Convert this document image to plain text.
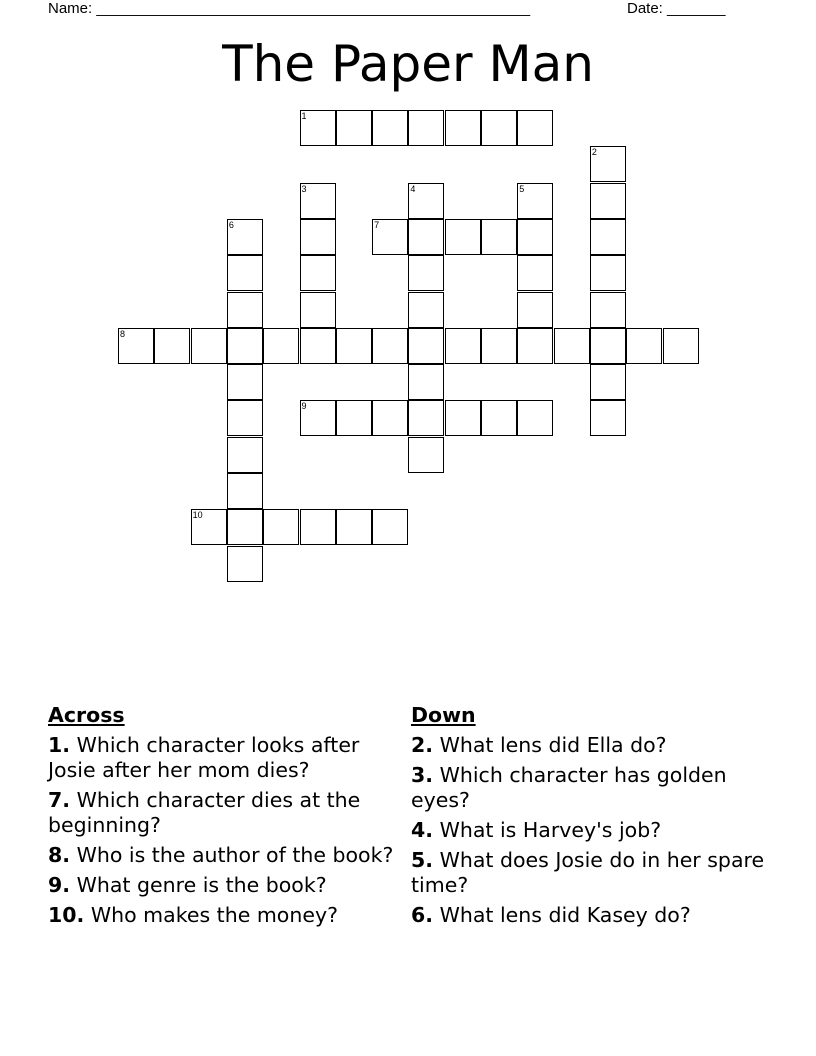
Name: ____________________________________________________	Date: _______
The Paper Man
1
2
3	4	5
6	7
8
9
10
Across
1. Which character looks after Josie after her mom dies?
7. Which character dies at the beginning?
8. Who is the author of the book?
9. What genre is the book?
10. Who makes the money?
Down
2. What lens did Ella do?
3. Which character has golden eyes?
4. What is Harvey's job?
5. What does Josie do in her spare time?
6. What lens did Kasey do?
